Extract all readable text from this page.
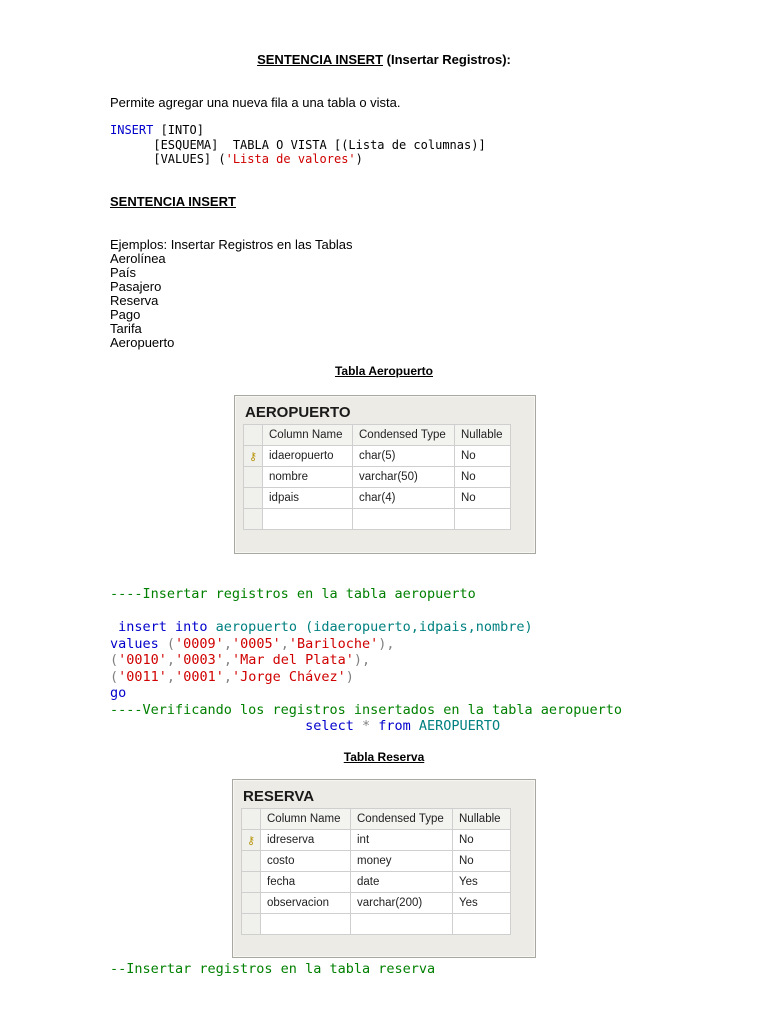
SENTENCIA INSERT (Insertar Registros):
Permite agregar una nueva fila a una tabla o vista.
INSERT [INTO]
[ESQUEMA]  TABLA O VISTA [(Lista de columnas)]
[VALUES] ('Lista de valores')
SENTENCIA INSERT
Ejemplos: Insertar Registros en las Tablas
Aerolínea
País
Pasajero
Reserva
Pago
Tarifa
Aeropuerto
Tabla Aeropuerto
AEROPUERTO
	Column Name	Condensed Type	Nullable
⚷	idaeropuerto	char(5)	No
	nombre	varchar(50)	No
	idpais	char(4)	No

----Insertar registros en la tabla aeropuerto

insert into aeropuerto (idaeropuerto,idpais,nombre)
values ('0009','0005','Bariloche'),
('0010','0003','Mar del Plata'),
('0011','0001','Jorge Chávez')
go
----Verificando los registros insertados en la tabla aeropuerto
select * from AEROPUERTO
Tabla Reserva
RESERVA
	Column Name	Condensed Type	Nullable
⚷	idreserva	int	No
	costo	money	No
	fecha	date	Yes
	observacion	varchar(200)	Yes

--Insertar registros en la tabla reserva
